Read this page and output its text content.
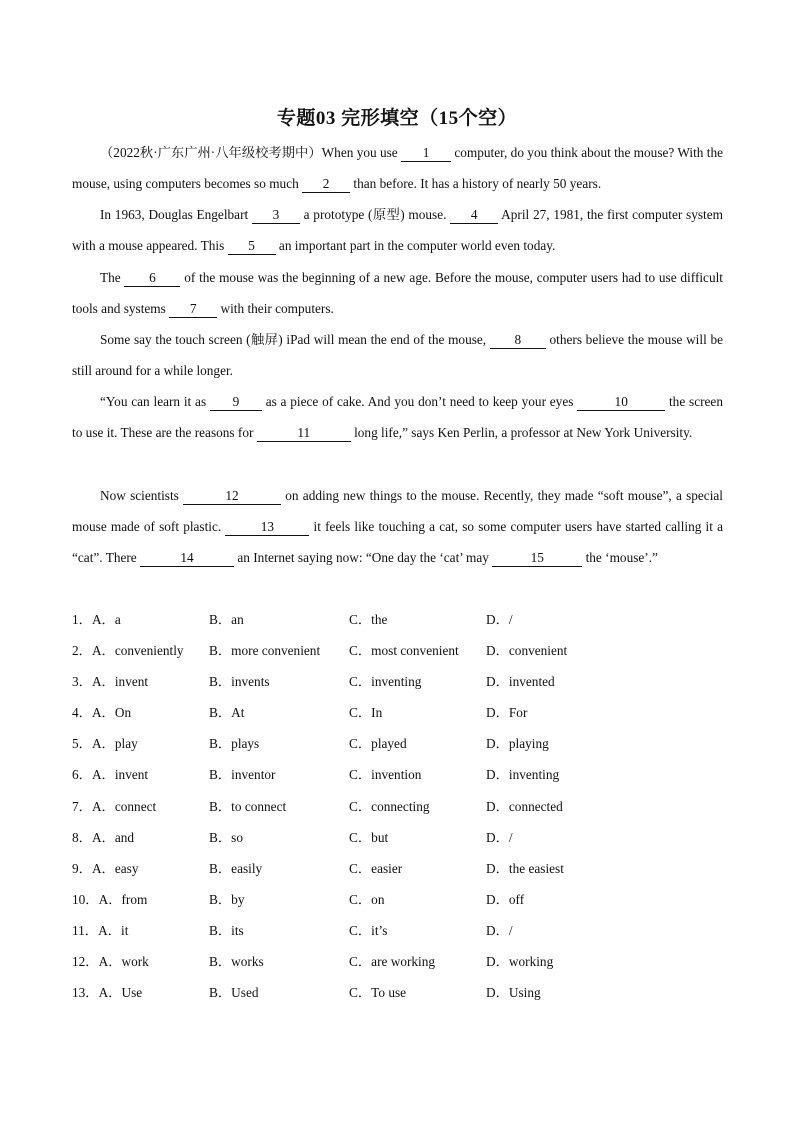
专题03 完形填空（15个空）
（2022秋·广东广州·八年级校考期中）When you use 1 computer, do you think about the mouse? With the mouse, using computers becomes so much 2 than before. It has a history of nearly 50 years.
In 1963, Douglas Engelbart 3 a prototype (原型) mouse. 4 April 27, 1981, the first computer system with a mouse appeared. This 5 an important part in the computer world even today.
The 6 of the mouse was the beginning of a new age. Before the mouse, computer users had to use difficult tools and systems 7 with their computers.
Some say the touch screen (触屏) iPad will mean the end of the mouse, 8 others believe the mouse will be still around for a while longer.
“You can learn it as 9 as a piece of cake. And you don’t need to keep your eyes	10	the screen to use it. These are the reasons for	11	long life,” says Ken Perlin, a professor at New York University.
Now scientists	12	on adding new things to the mouse. Recently, they made “soft mouse”, a special mouse made of soft plastic.	13	it feels like touching a cat, so some computer users have started calling it a “cat”. There	14	an Internet saying now: “One day the ‘cat’ may	15	the ‘mouse’.”
1．A．a	B．an	C．the	D．/
2．A．conveniently B．more convenient C．most convenient D．convenient
3．A．invent	B．invents	C．inventing	D．invented
4．A．On	B．At	C．In	D．For
5．A．play	B．plays	C．played	D．playing
6．A．invent	B．inventor	C．invention	D．inventing
7．A．connect	B．to connect	C．connecting	D．connected
8．A．and	B．so	C．but	D．/
9．A．easy	B．easily	C．easier	D．the easiest
10．A．from	B．by	C．on	D．off
11．A．it	B．its	C．it’s	D．/
12．A．work	B．works	C．are working	D．working
13．A．Use	B．Used	C．To use	D．Using
